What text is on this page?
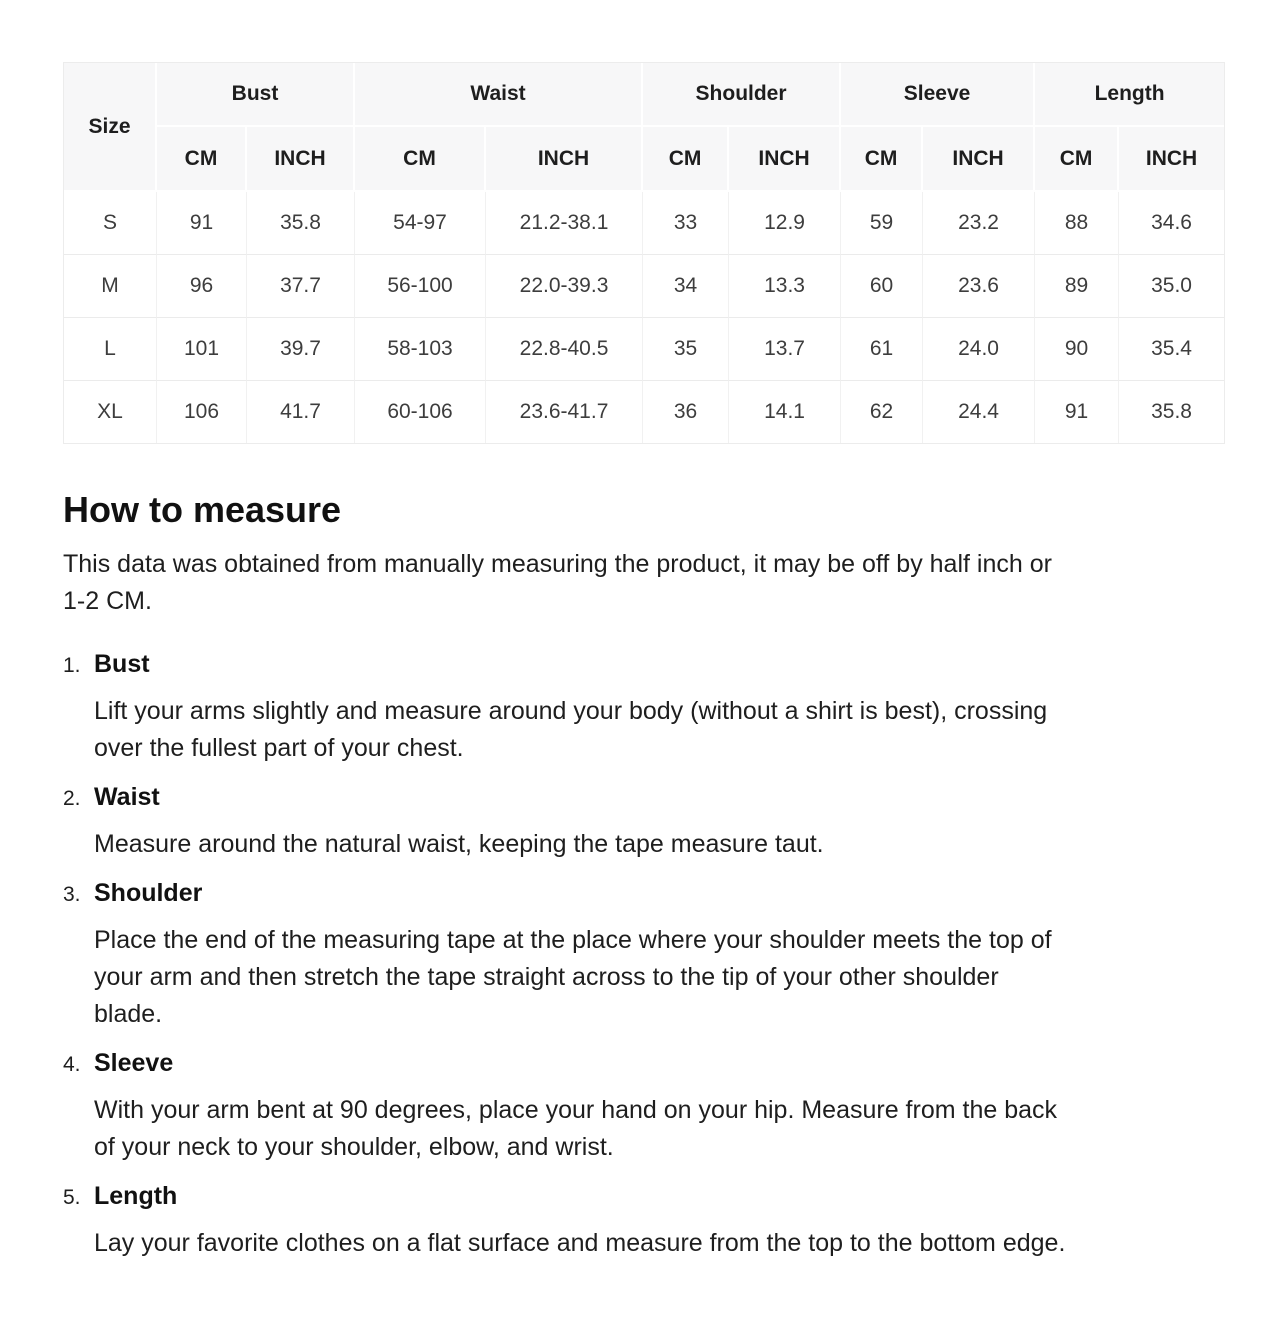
Size	Bust		Waist		Shoulder		Sleeve		Length	
	CM	INCH	CM	INCH	CM	INCH	CM	INCH	CM	INCH
S	91	35.8	54-97	21.2-38.1	33	12.9	59	23.2	88	34.6
M	96	37.7	56-100	22.0-39.3	34	13.3	60	23.6	89	35.0
L	101	39.7	58-103	22.8-40.5	35	13.7	61	24.0	90	35.4
XL	106	41.7	60-106	23.6-41.7	36	14.1	62	24.4	91	35.8
How to measure
This data was obtained from manually measuring the product, it may be off by half inch or
1-2 CM.
1. Bust
Lift your arms slightly and measure around your body (without a shirt is best), crossing
over the fullest part of your chest.
2. Waist
Measure around the natural waist, keeping the tape measure taut.
3. Shoulder
Place the end of the measuring tape at the place where your shoulder meets the top of
your arm and then stretch the tape straight across to the tip of your other shoulder
blade.
4. Sleeve
With your arm bent at 90 degrees, place your hand on your hip. Measure from the back
of your neck to your shoulder, elbow, and wrist.
5. Length
Lay your favorite clothes on a flat surface and measure from the top to the bottom edge.
